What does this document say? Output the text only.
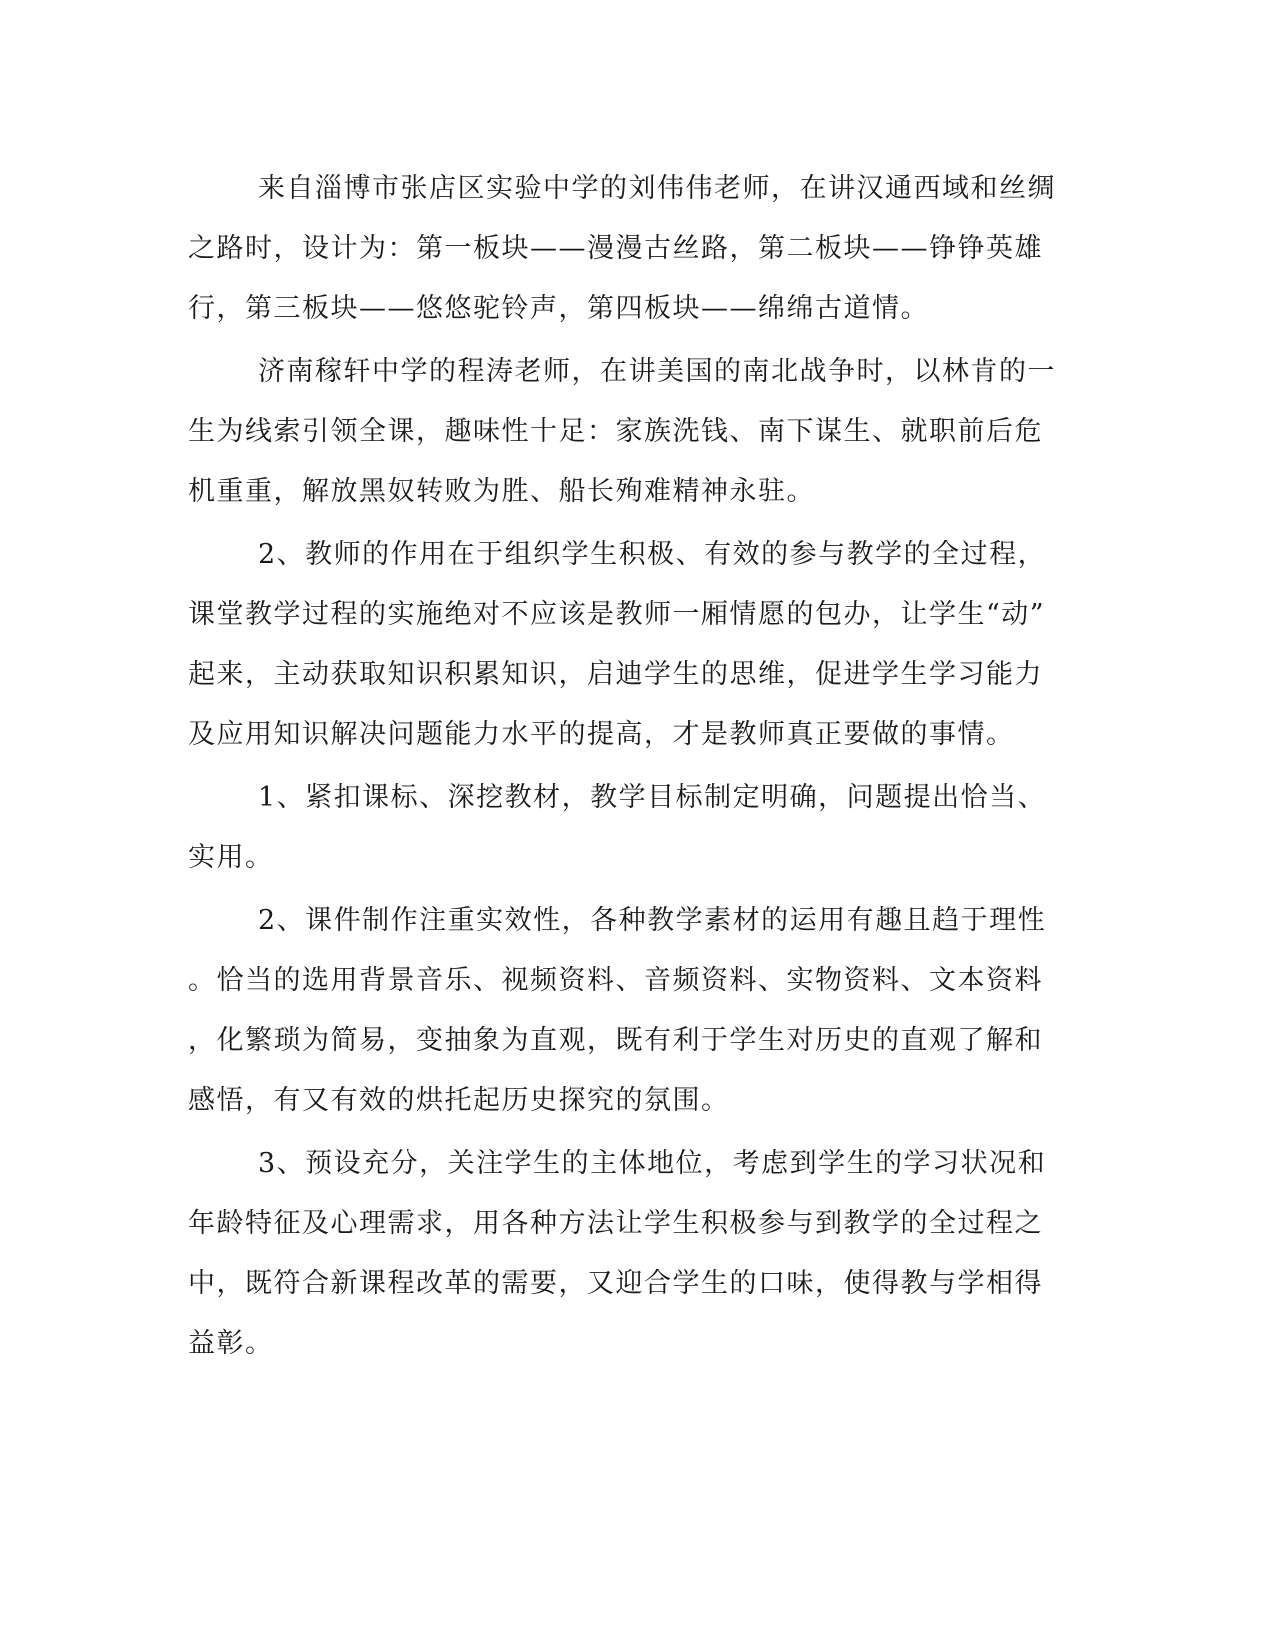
来自淄博市张店区实验中学的刘伟伟老师，在讲汉通西域和丝绸
之路时，设计为：第一板块——漫漫古丝路，第二板块——铮铮英雄
行，第三板块——悠悠驼铃声，第四板块——绵绵古道情。
济南稼轩中学的程涛老师，在讲美国的南北战争时，以林肯的一
生为线索引领全课，趣味性十足：家族洗钱、南下谋生、就职前后危
机重重，解放黑奴转败为胜、船长殉难精神永驻。
2、教师的作用在于组织学生积极、有效的参与教学的全过程，
课堂教学过程的实施绝对不应该是教师一厢情愿的包办，让学生“动”
起来，主动获取知识积累知识，启迪学生的思维，促进学生学习能力
及应用知识解决问题能力水平的提高，才是教师真正要做的事情。
1、紧扣课标、深挖教材，教学目标制定明确，问题提出恰当、
实用。
2、课件制作注重实效性，各种教学素材的运用有趣且趋于理性
。恰当的选用背景音乐、视频资料、音频资料、实物资料、文本资料
，化繁琐为简易，变抽象为直观，既有利于学生对历史的直观了解和
感悟，有又有效的烘托起历史探究的氛围。
3、预设充分，关注学生的主体地位，考虑到学生的学习状况和
年龄特征及心理需求，用各种方法让学生积极参与到教学的全过程之
中，既符合新课程改革的需要，又迎合学生的口味，使得教与学相得
益彰。
